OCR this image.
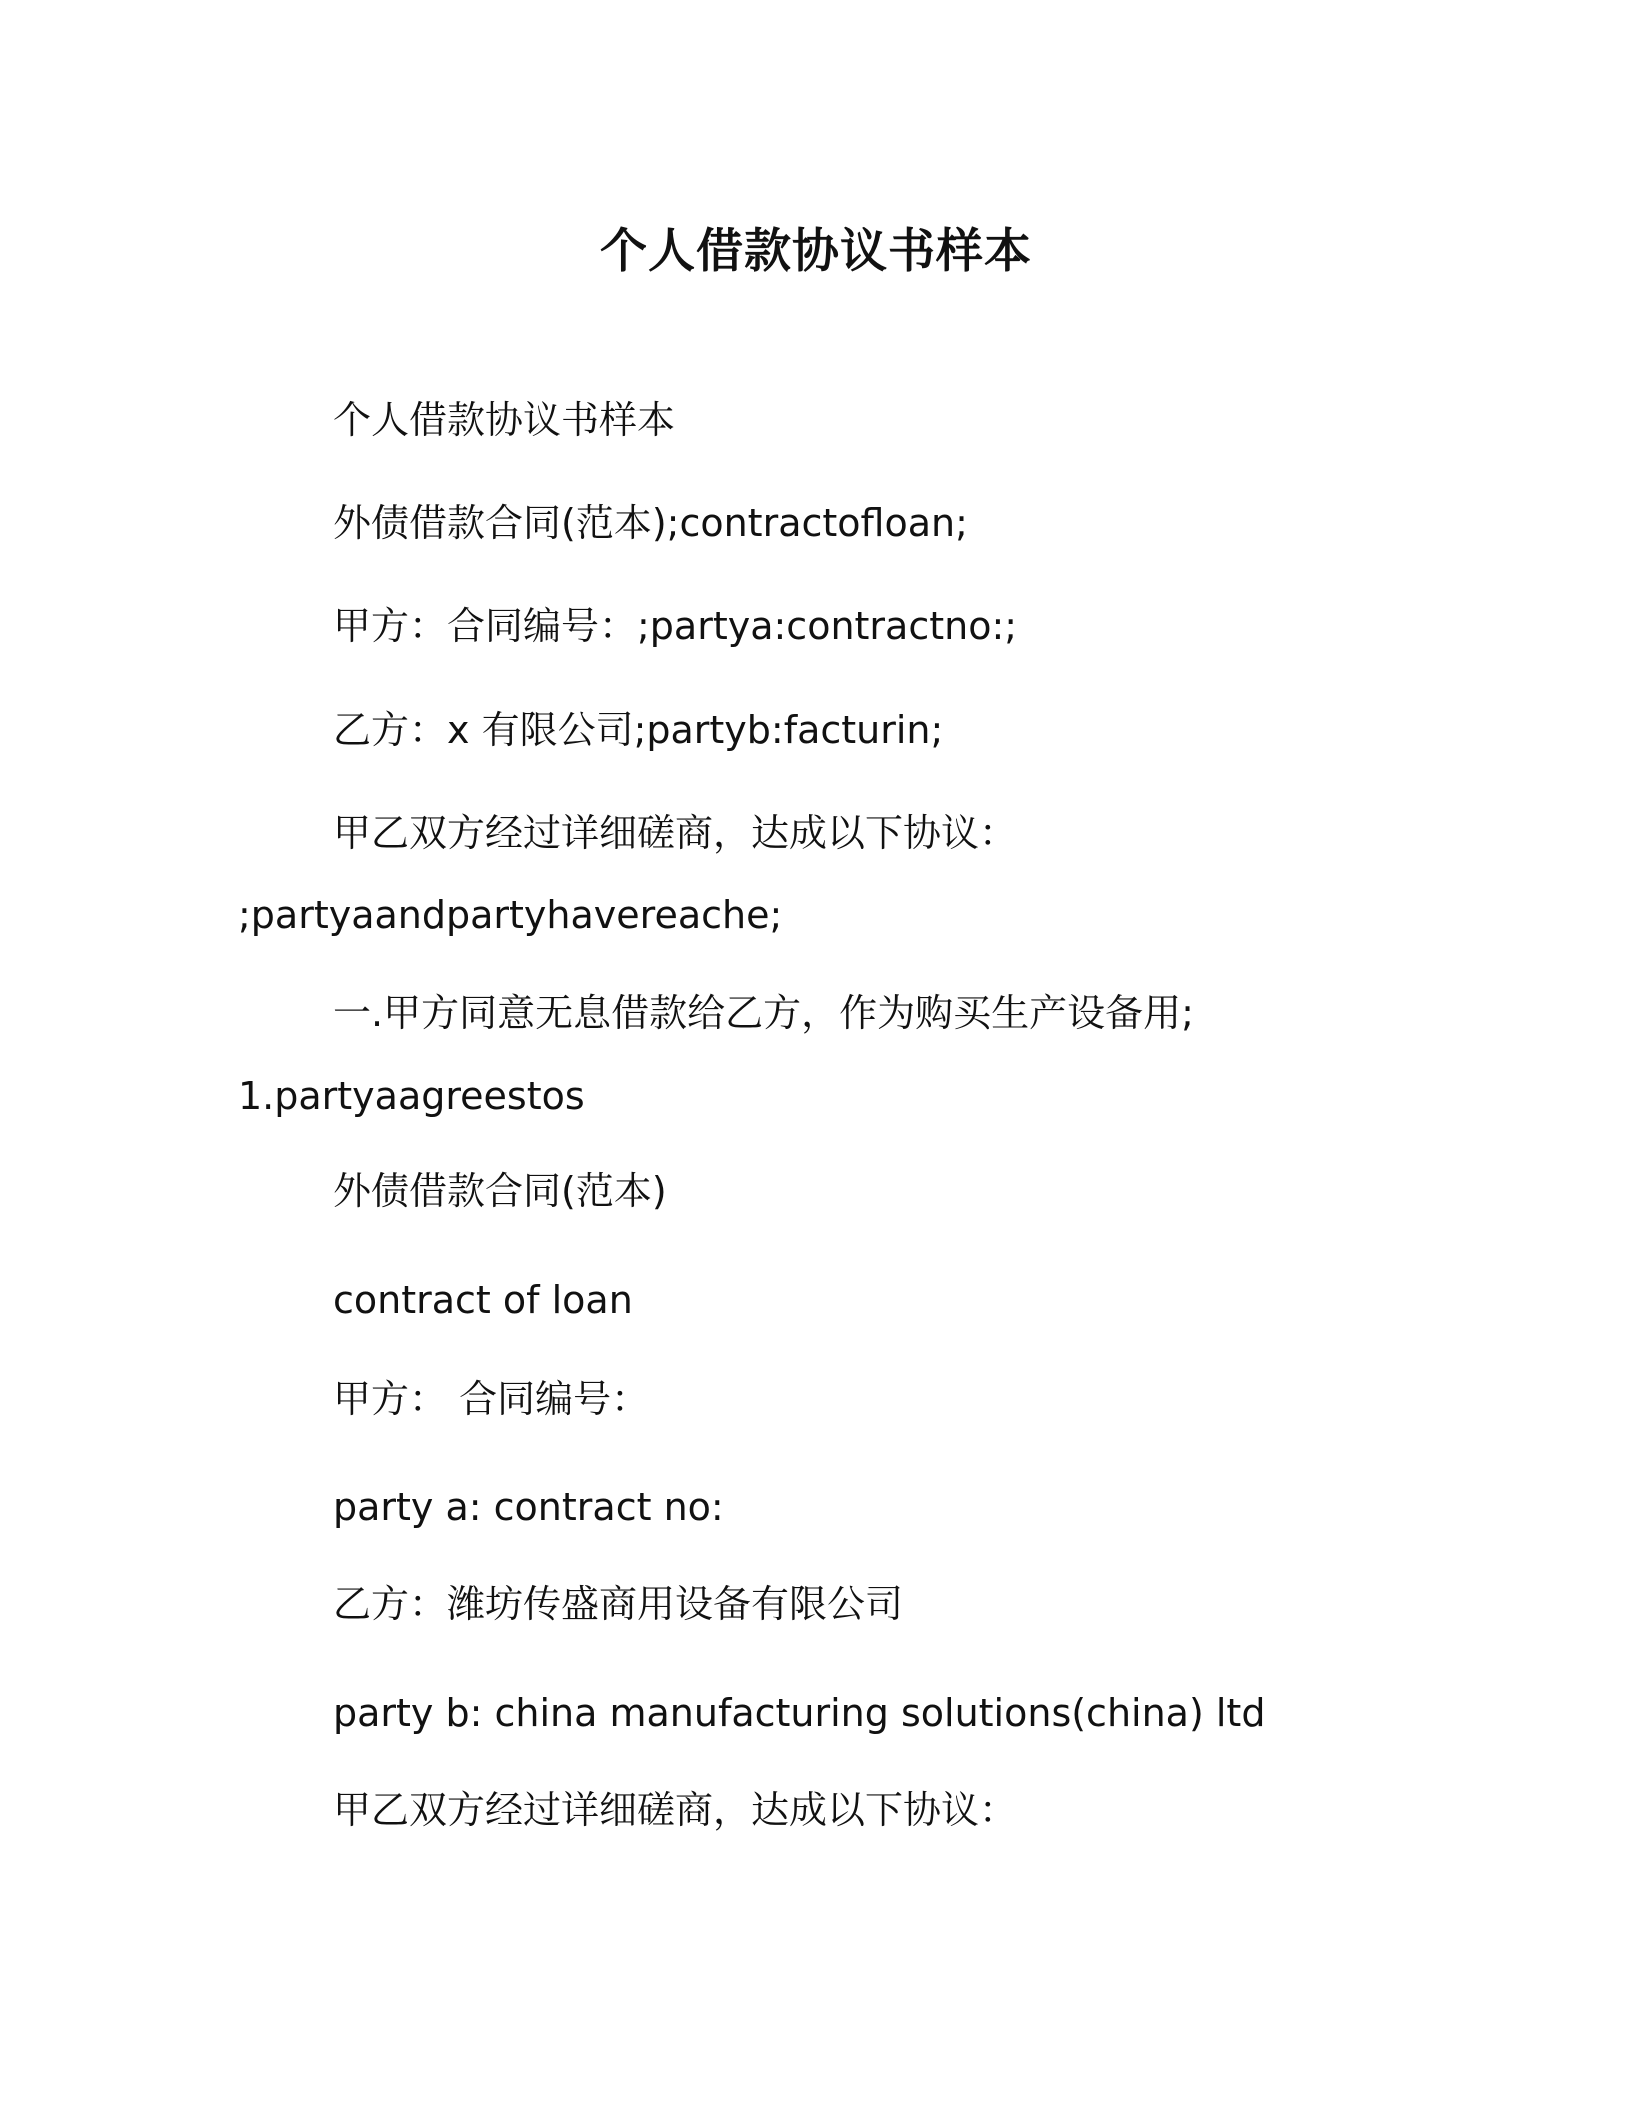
个人借款协议书样本
个人借款协议书样本
外债借款合同(范本);contractofloan;
甲方：合同编号：;partya:contractno:;
乙方：x 有限公司;partyb:facturin;
甲乙双方经过详细磋商，达成以下协议：
;partyaandpartyhavereache;
一.甲方同意无息借款给乙方，作为购买生产设备用;
1.partyaagreestos
外债借款合同(范本)
contract of loan
甲方： 合同编号：
party a: contract no:
乙方：潍坊传盛商用设备有限公司
party b: china manufacturing solutions(china) ltd
甲乙双方经过详细磋商，达成以下协议：
